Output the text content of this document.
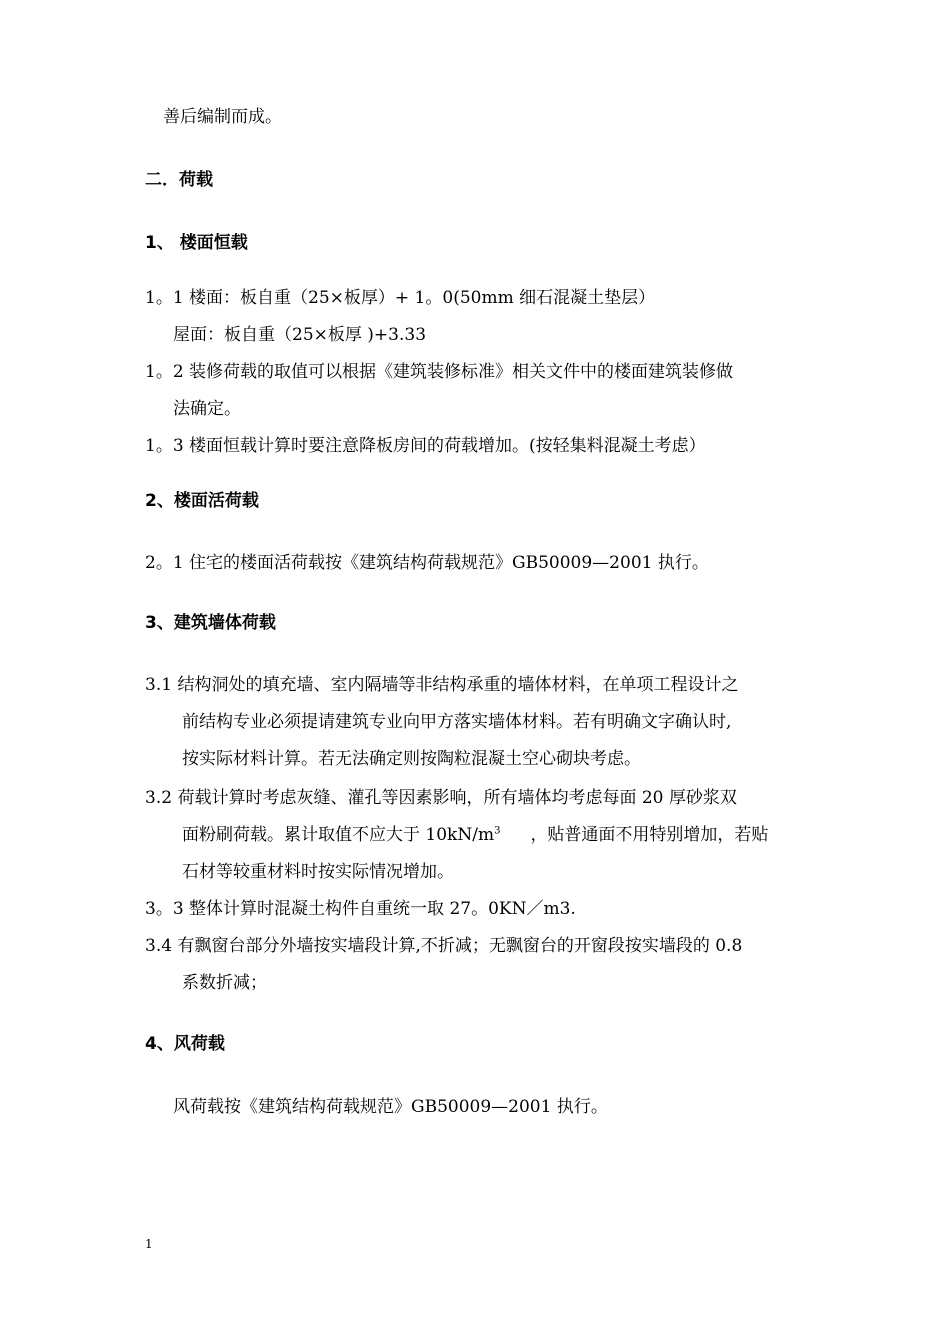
善后编制而成。
二．荷载
1、 楼面恒载
1。1 楼面：板自重（25×板厚）+ 1。0(50mm 细石混凝土垫层）
屋面：板自重（25×板厚 )+3.33
1。2 装修荷载的取值可以根据《建筑装修标准》相关文件中的楼面建筑装修做
法确定。
1。3 楼面恒载计算时要注意降板房间的荷载增加。(按轻集料混凝土考虑）
2、楼面活荷载
2。1 住宅的楼面活荷载按《建筑结构荷载规范》GB50009—2001 执行。
3、建筑墙体荷载
3.1 结构洞处的填充墙、室内隔墙等非结构承重的墙体材料，在单项工程设计之
前结构专业必须提请建筑专业向甲方落实墙体材料。若有明确文字确认时,
按实际材料计算。若无法确定则按陶粒混凝土空心砌块考虑。
3.2 荷载计算时考虑灰缝、灌孔等因素影响，所有墙体均考虑每面 20 厚砂浆双
面粉刷荷载。累计取值不应大于 $10kN/m^3$ ，贴普通面不用特别增加，若贴
石材等较重材料时按实际情况增加。
3。3 整体计算时混凝土构件自重统一取 27。0KN／m3.
3.4 有飘窗台部分外墙按实墙段计算,不折减；无飘窗台的开窗段按实墙段的 0.8
系数折减；
4、风荷载
风荷载按《建筑结构荷载规范》GB50009—2001 执行。
1
